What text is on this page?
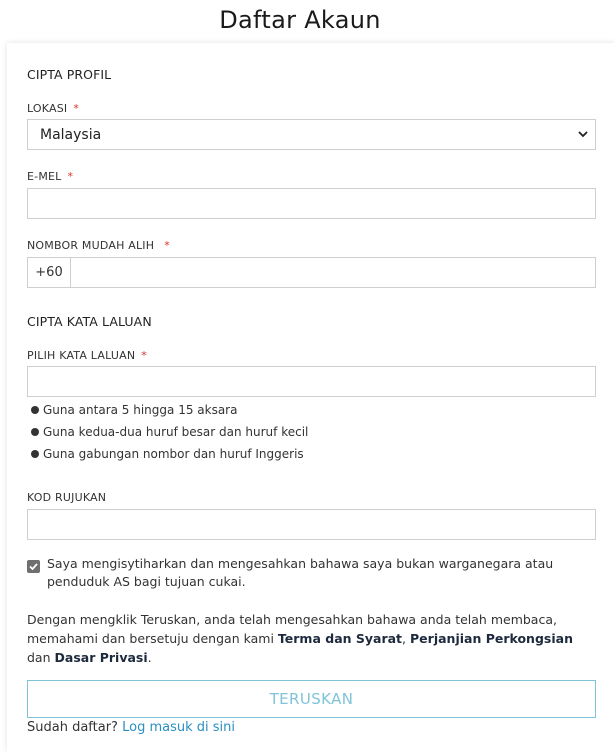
Daftar Akaun
CIPTA PROFIL
LOKASI *
Malaysia
E-MEL *
NOMBOR MUDAH ALIH *
+60
CIPTA KATA LALUAN
PILIH KATA LALUAN *
Guna antara 5 hingga 15 aksara
Guna kedua-dua huruf besar dan huruf kecil
Guna gabungan nombor dan huruf Inggeris
KOD RUJUKAN
Saya mengisytiharkan dan mengesahkan bahawa saya bukan warganegara atau penduduk AS bagi tujuan cukai.
Dengan mengklik Teruskan, anda telah mengesahkan bahawa anda telah membaca, memahami dan bersetuju dengan kami Terma dan Syarat, Perjanjian Perkongsian dan Dasar Privasi.
TERUSKAN
Sudah daftar? Log masuk di sini
